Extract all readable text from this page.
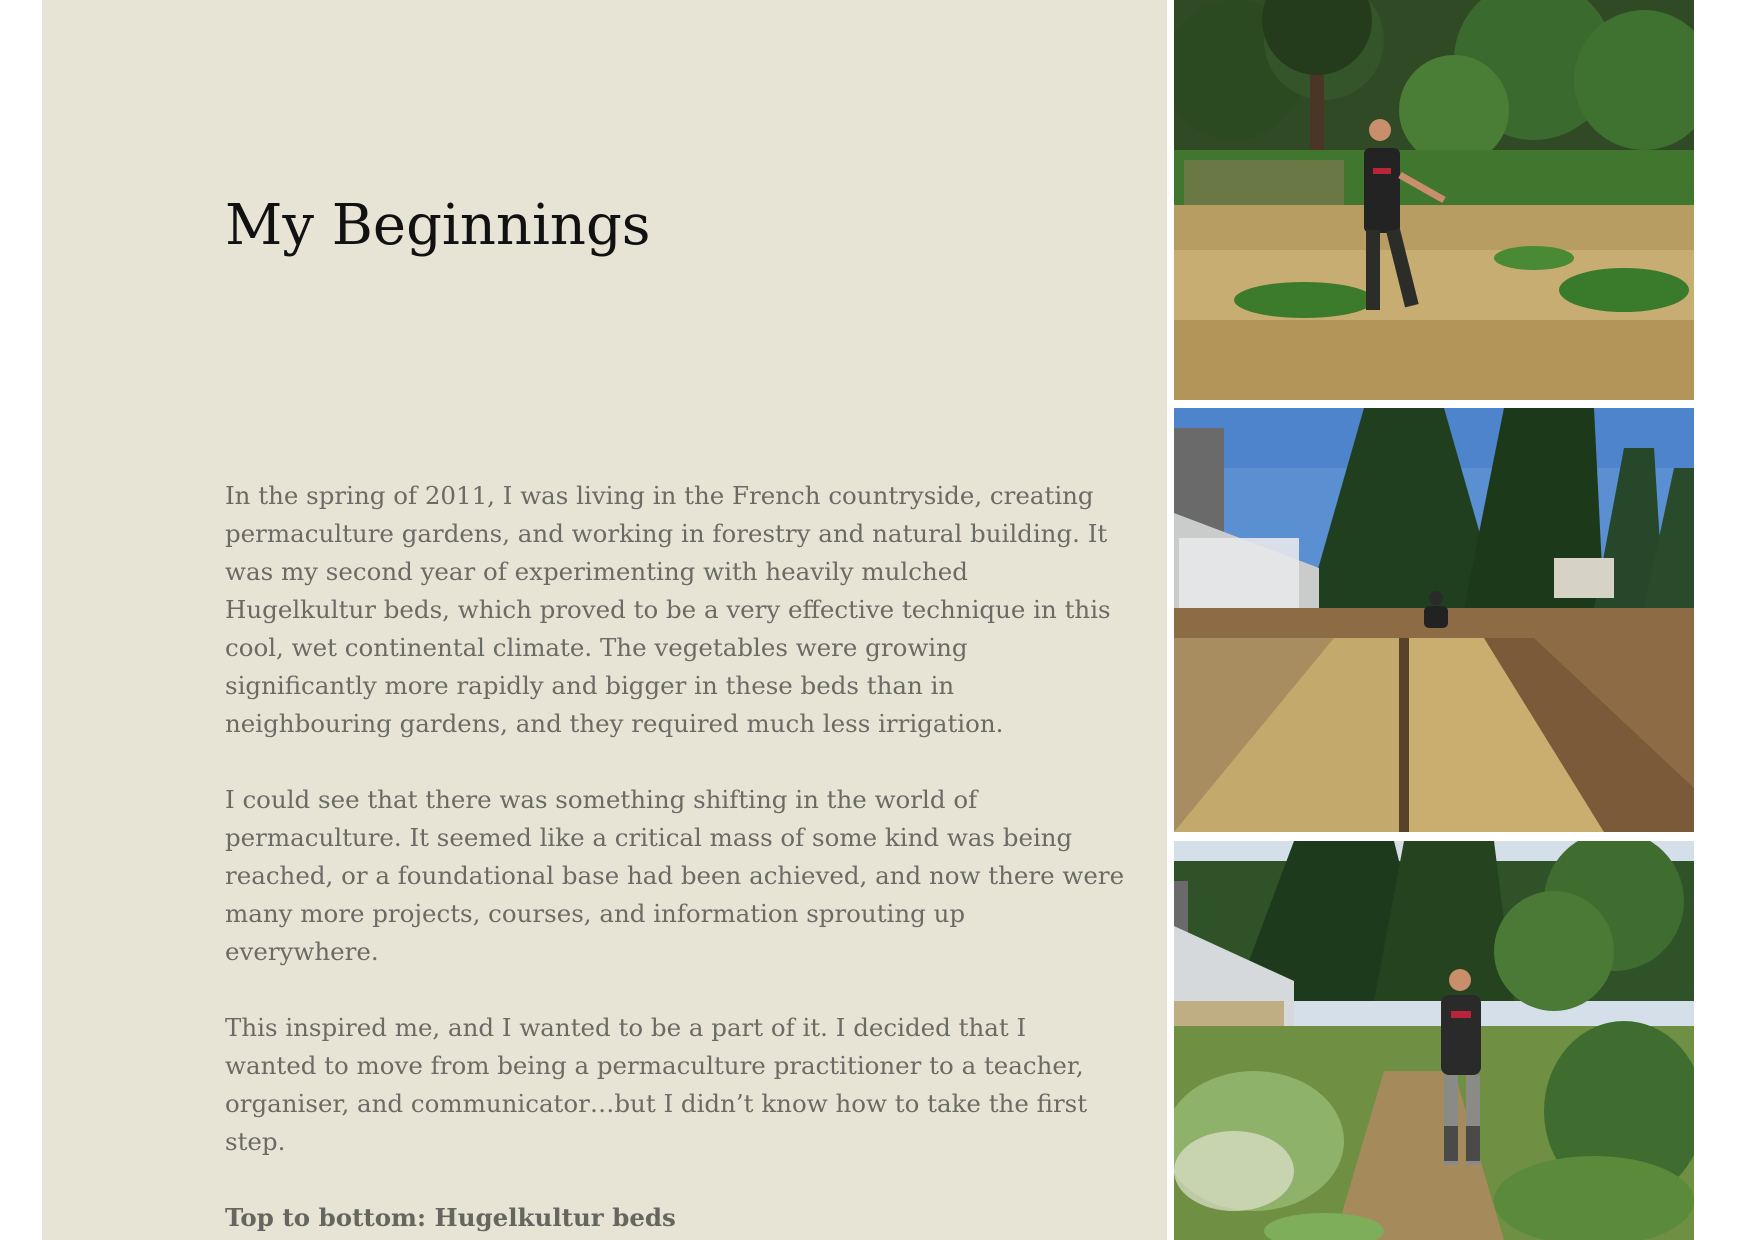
My Beginnings

In the spring of 2011, I was living in the French countryside, creating permaculture gardens, and working in forestry and natural building. It was my second year of experimenting with heavily mulched Hugelkultur beds, which proved to be a very effective technique in this cool, wet continental climate. The vegetables were growing significantly more rapidly and bigger in these beds than in neighbouring gardens, and they required much less irrigation.

I could see that there was something shifting in the world of permaculture. It seemed like a critical mass of some kind was being reached, or a foundational base had been achieved, and now there were many more projects, courses, and information sprouting up everywhere.

This inspired me, and I wanted to be a part of it. I decided that I wanted to move from being a permaculture practitioner to a teacher, organiser, and communicator…but I didn’t know how to take the first step.

Top to bottom: Hugelkultur beds
